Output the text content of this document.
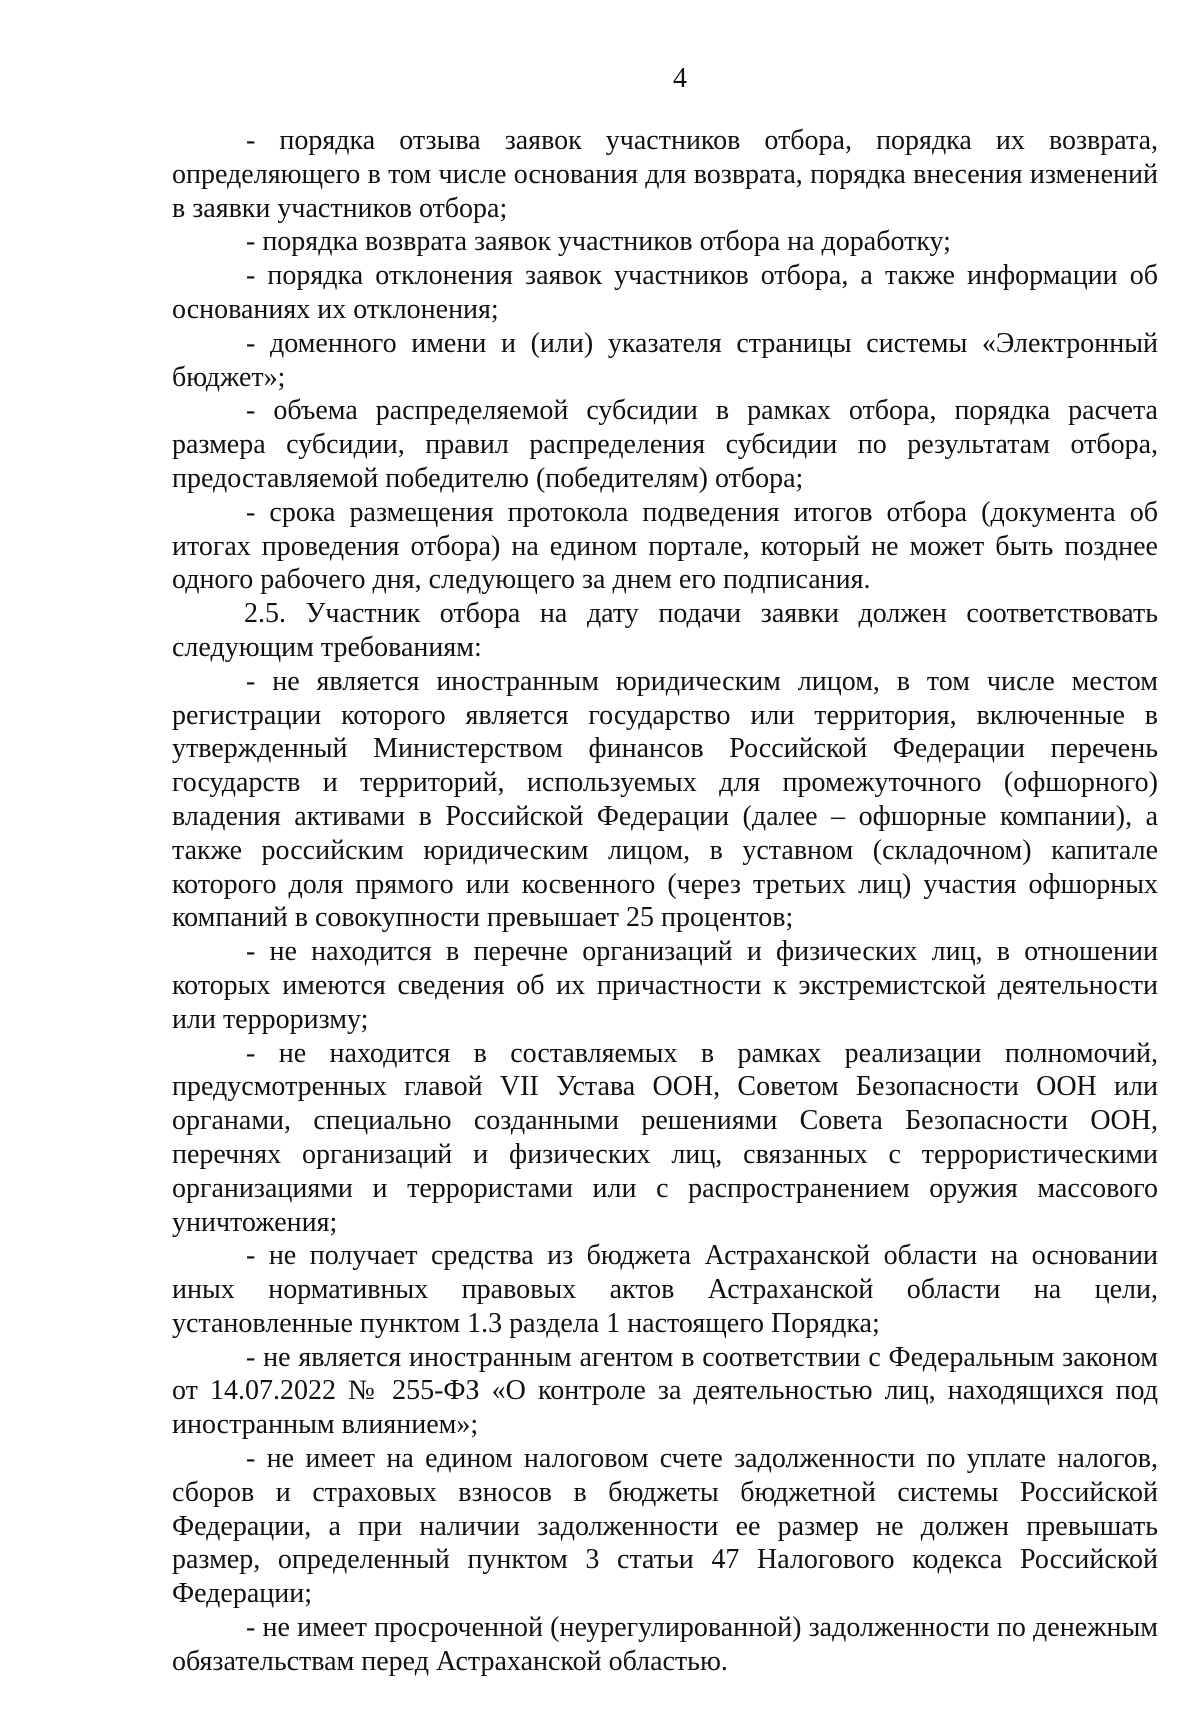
4

- порядка отзыва заявок участников отбора, порядка их возврата, определяющего в том числе основания для возврата, порядка внесения изменений в заявки участников отбора;

- порядка возврата заявок участников отбора на доработку;

- порядка отклонения заявок участников отбора, а также информации об основаниях их отклонения;

- доменного имени и (или) указателя страницы системы «Электронный бюджет»;

- объема распределяемой субсидии в рамках отбора, порядка расчета размера субсидии, правил распределения субсидии по результатам отбора, предоставляемой победителю (победителям) отбора;

- срока размещения протокола подведения итогов отбора (документа об итогах проведения отбора) на едином портале, который не может быть позднее одного рабочего дня, следующего за днем его подписания.

2.5. Участник отбора на дату подачи заявки должен соответствовать следующим требованиям:

- не является иностранным юридическим лицом, в том числе местом регистрации которого является государство или территория, включенные в утвержденный Министерством финансов Российской Федерации перечень государств и территорий, используемых для промежуточного (офшорного) владения активами в Российской Федерации (далее – офшорные компании), а также российским юридическим лицом, в уставном (складочном) капитале которого доля прямого или косвенного (через третьих лиц) участия офшорных компаний в совокупности превышает 25 процентов;

- не находится в перечне организаций и физических лиц, в отношении которых имеются сведения об их причастности к экстремистской деятельности или терроризму;

- не находится в составляемых в рамках реализации полномочий, предусмотренных главой VII Устава ООН, Советом Безопасности ООН или органами, специально созданными решениями Совета Безопасности ООН, перечнях организаций и физических лиц, связанных с террористическими организациями и террористами или с распространением оружия массового уничтожения;

- не получает средства из бюджета Астраханской области на основании иных нормативных правовых актов Астраханской области на цели, установленные пунктом 1.3 раздела 1 настоящего Порядка;

- не является иностранным агентом в соответствии с Федеральным законом от 14.07.2022 № 255-ФЗ «О контроле за деятельностью лиц, находящихся под иностранным влиянием»;

- не имеет на едином налоговом счете задолженности по уплате налогов, сборов и страховых взносов в бюджеты бюджетной системы Российской Федерации, а при наличии задолженности ее размер не должен превышать размер, определенный пунктом 3 статьи 47 Налогового кодекса Российской Федерации;

- не имеет просроченной (неурегулированной) задолженности по денежным обязательствам перед Астраханской областью.
